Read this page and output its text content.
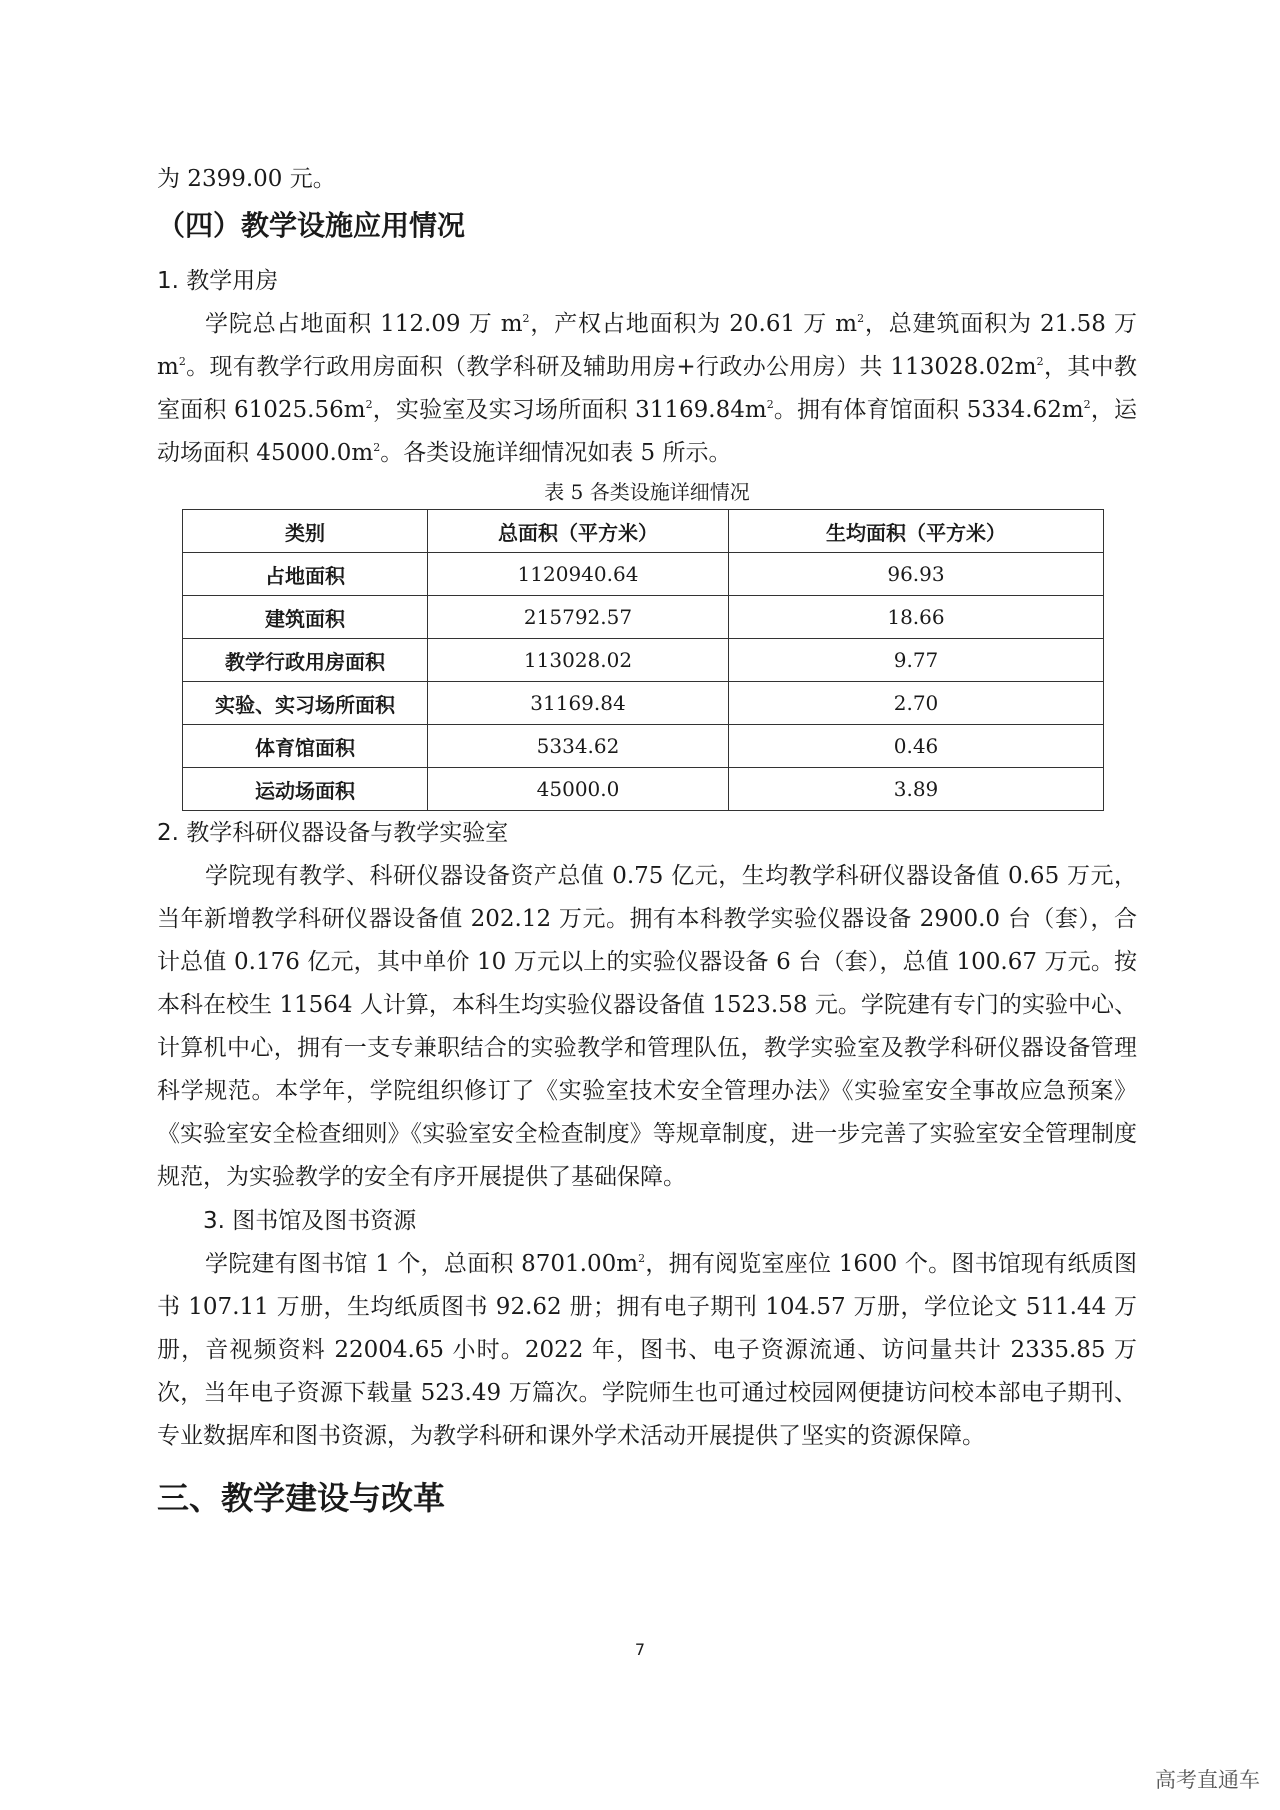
为 2399.00 元。

（四）教学设施应用情况
1. 教学用房

学院总占地面积 112.09 万 $m^2$，产权占地面积为 20.61 万 $m^2$，总建筑面积为 21.58 万 $m^2$。现有教学行政用房面积（教学科研及辅助用房+行政办公用房）共 $113028.02m^2$，其中教室面积 $61025.56m^2$，实验室及实习场所面积 $31169.84m^2$。拥有体育馆面积 $5334.62m^2$，运动场面积 $45000.0m^2$。各类设施详细情况如表 5 所示。

表 5 各类设施详细情况
类别	总面积（平方米）	生均面积（平方米）
占地面积	1120940.64	96.93
建筑面积	215792.57	18.66
教学行政用房面积	113028.02	9.77
实验、实习场所面积	31169.84	2.70
体育馆面积	5334.62	0.46
运动场面积	45000.0	3.89
2. 教学科研仪器设备与教学实验室

学院现有教学、科研仪器设备资产总值 0.75 亿元，生均教学科研仪器设备值 0.65 万元，当年新增教学科研仪器设备值 202.12 万元。拥有本科教学实验仪器设备 2900.0 台（套），合计总值 0.176 亿元，其中单价 10 万元以上的实验仪器设备 6 台（套），总值 100.67 万元。按本科在校生 11564 人计算，本科生均实验仪器设备值 1523.58 元。学院建有专门的实验中心、计算机中心，拥有一支专兼职结合的实验教学和管理队伍，教学实验室及教学科研仪器设备管理科学规范。本学年，学院组织修订了《实验室技术安全管理办法》《实验室安全事故应急预案》《实验室安全检查细则》《实验室安全检查制度》等规章制度，进一步完善了实验室安全管理制度规范，为实验教学的安全有序开展提供了基础保障。

3. 图书馆及图书资源

学院建有图书馆 1 个，总面积 $8701.00m^2$，拥有阅览室座位 1600 个。图书馆现有纸质图书 107.11 万册，生均纸质图书 92.62 册；拥有电子期刊 104.57 万册，学位论文 511.44 万册，音视频资料 22004.65 小时。2022 年，图书、电子资源流通、访问量共计 2335.85 万次，当年电子资源下载量 523.49 万篇次。学院师生也可通过校园网便捷访问校本部电子期刊、专业数据库和图书资源，为教学科研和课外学术活动开展提供了坚实的资源保障。

三、教学建设与改革
7
高考直通车
